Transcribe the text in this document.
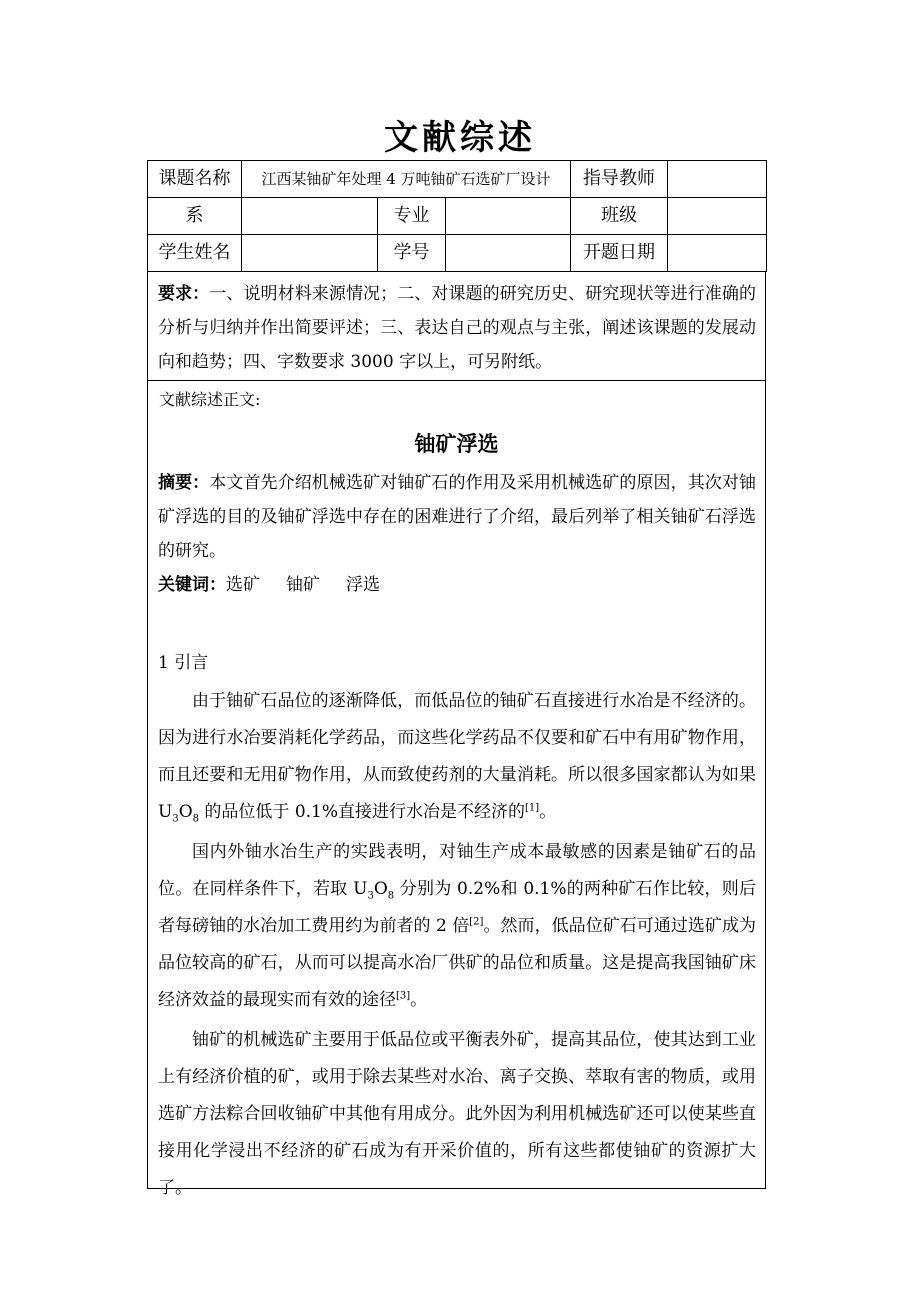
文献综述
课题名称	江西某铀矿年处理 4 万吨铀矿石选矿厂设计			指导教师	
系		专业		班级	
学生姓名		学号		开题日期	

要求：一、说明材料来源情况；二、对课题的研究历史、研究现状等进行准确的分析与归纳并作出简要评述；三、表达自己的观点与主张，阐述该课题的发展动向和趋势；四、字数要求 3000 字以上，可另附纸。

文献综述正文:

铀矿浮选

摘要：本文首先介绍机械选矿对铀矿石的作用及采用机械选矿的原因，其次对铀矿浮选的目的及铀矿浮选中存在的困难进行了介绍，最后列举了相关铀矿石浮选的研究。

关键词：选矿 铀矿 浮选

1 引言

由于铀矿石品位的逐渐降低，而低品位的铀矿石直接进行水冶是不经济的。因为进行水冶要消耗化学药品，而这些化学药品不仅要和矿石中有用矿物作用，而且还要和无用矿物作用，从而致使药剂的大量消耗。所以很多国家都认为如果 $U_3O_8$ 的品位低于 0.1%直接进行水冶是不经济的[1]。

国内外铀水冶生产的实践表明，对铀生产成本最敏感的因素是铀矿石的品位。在同样条件下，若取 $U_3O_8$ 分别为 0.2%和 0.1%的两种矿石作比较，则后者每磅铀的水冶加工费用约为前者的 2 倍[2]。然而，低品位矿石可通过选矿成为品位较高的矿石，从而可以提高水冶厂供矿的品位和质量。这是提高我国铀矿床经济效益的最现实而有效的途径[3]。

铀矿的机械选矿主要用于低品位或平衡表外矿，提高其品位，使其达到工业上有经济价植的矿，或用于除去某些对水冶、离子交换、萃取有害的物质，或用选矿方法粽合回收铀矿中其他有用成分。此外因为利用机械选矿还可以使某些直接用化学浸出不经济的矿石成为有开采价值的，所有这些都使铀矿的资源扩大了。
